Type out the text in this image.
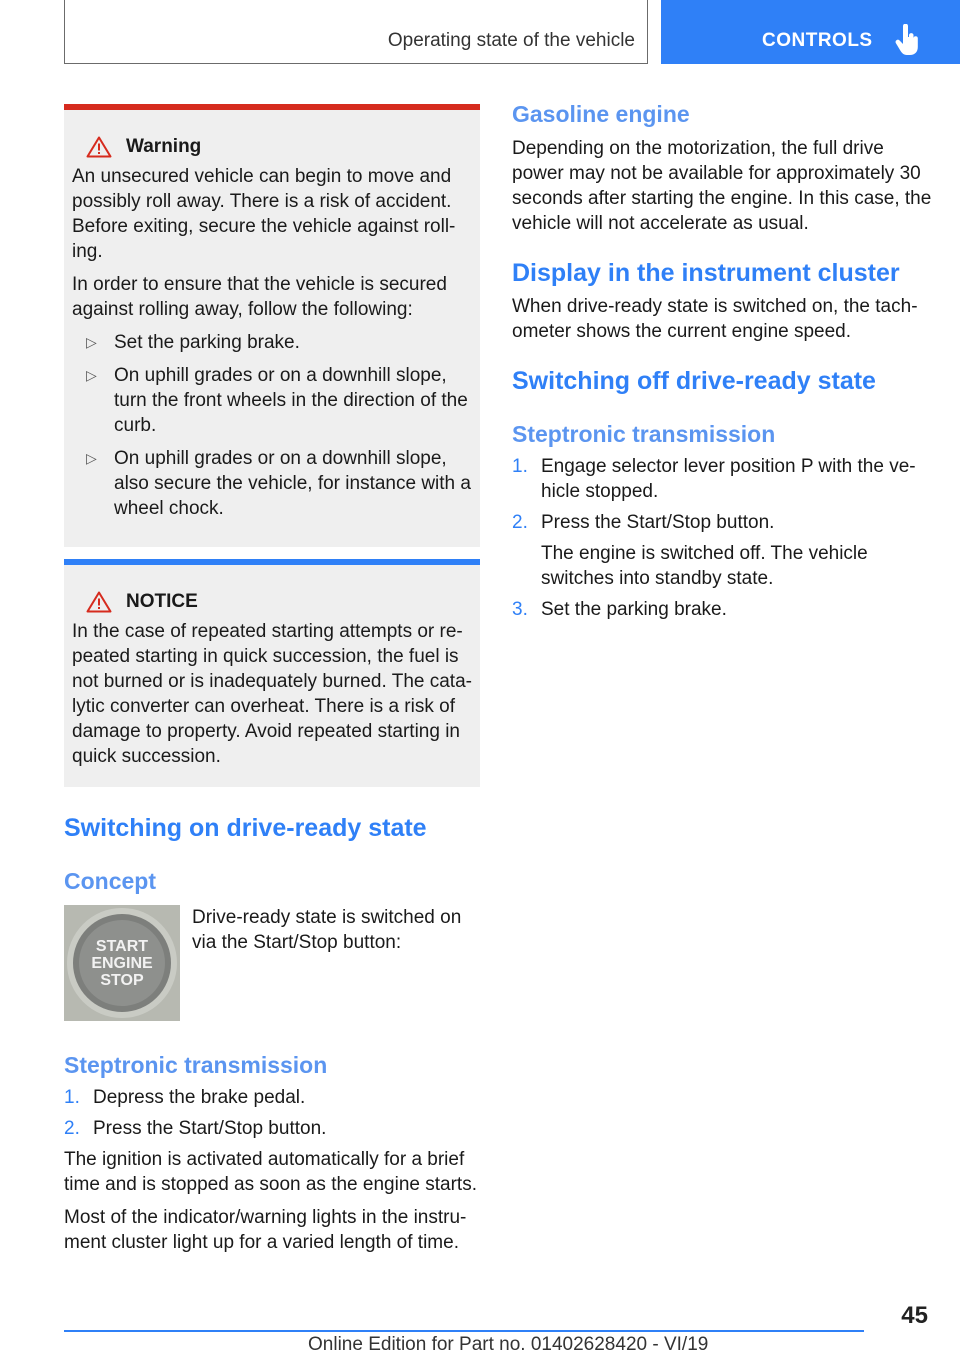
Operating state of the vehicle	CONTROLS
Warning

An unsecured vehicle can begin to move and possibly roll away. There is a risk of accident. Before exiting, secure the vehicle against roll‐ing.

In order to ensure that the vehicle is secured against rolling away, follow the following:

▷ Set the parking brake.
▷ On uphill grades or on a downhill slope, turn the front wheels in the direction of the curb.
▷ On uphill grades or on a downhill slope, also secure the vehicle, for instance with a wheel chock.
NOTICE

In the case of repeated starting attempts or re‐peated starting in quick succession, the fuel is not burned or is inadequately burned. The cata‐lytic converter can overheat. There is a risk of damage to property. Avoid repeated starting in quick succession.

Switching on drive-ready state
Concept
START
ENGINE
STOP
Drive-ready state is switched on via the Start/Stop button:
Steptronic transmission
1. Depress the brake pedal.
2. Press the Start/Stop button.

The ignition is activated automatically for a brief time and is stopped as soon as the engine starts.

Most of the indicator/warning lights in the instru‐ment cluster light up for a varied length of time.

Gasoline engine

Depending on the motorization, the full drive power may not be available for approximately 30 seconds after starting the engine. In this case, the vehicle will not accelerate as usual.

Display in the instrument cluster

When drive-ready state is switched on, the tach‐ometer shows the current engine speed.

Switching off drive-ready state
Steptronic transmission
1. Engage selector lever position P with the ve‐hicle stopped.
2. Press the Start/Stop button.
The engine is switched off. The vehicle switches into standby state.
3. Set the parking brake.
45
Online Edition for Part no. 01402628420 - VI/19
